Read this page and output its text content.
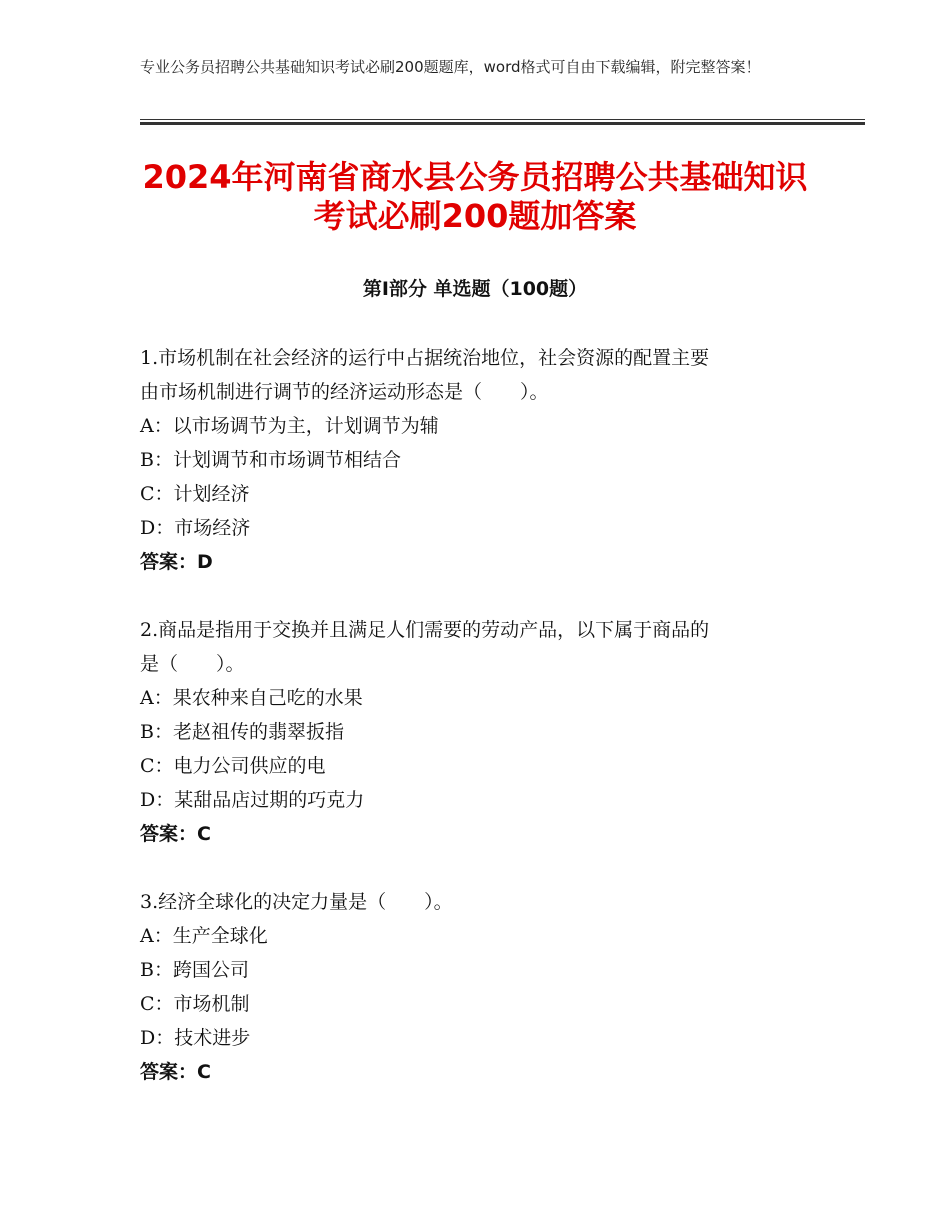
专业公务员招聘公共基础知识考试必刷200题题库，word格式可自由下载编辑，附完整答案！
2024年河南省商水县公务员招聘公共基础知识考试必刷200题加答案
第I部分 单选题（100题）
1.市场机制在社会经济的运行中占据统治地位，社会资源的配置主要
由市场机制进行调节的经济运动形态是（　　）。
A：以市场调节为主，计划调节为辅
B：计划调节和市场调节相结合
C：计划经济
D：市场经济
答案：D
2.商品是指用于交换并且满足人们需要的劳动产品，以下属于商品的
是（　　）。
A：果农种来自己吃的水果
B：老赵祖传的翡翠扳指
C：电力公司供应的电
D：某甜品店过期的巧克力
答案：C
3.经济全球化的决定力量是（　　）。
A：生产全球化
B：跨国公司
C：市场机制
D：技术进步
答案：C
